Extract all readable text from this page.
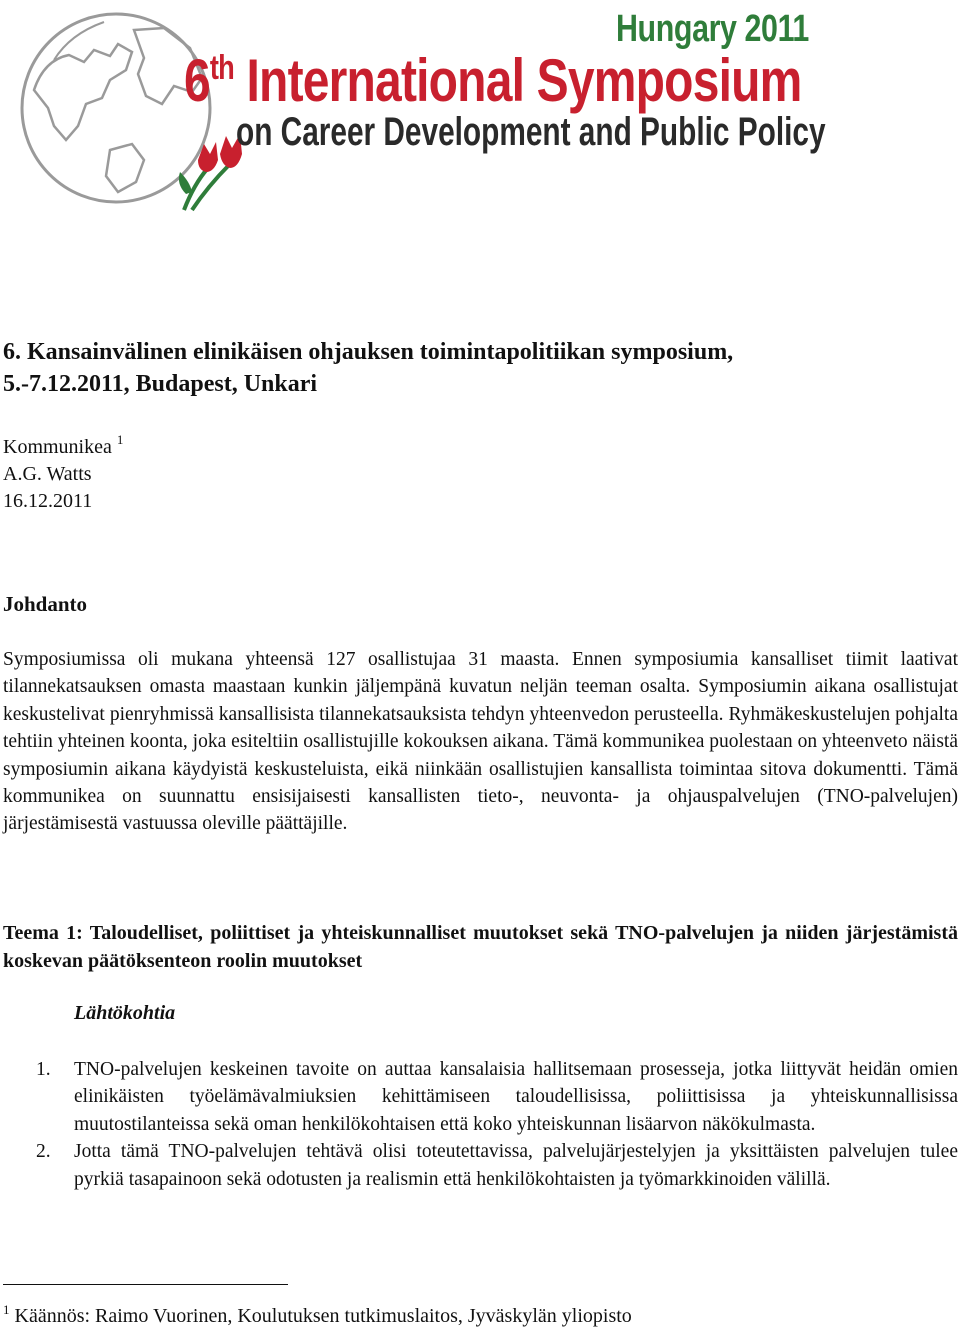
Hungary 2011
6th International Symposium
on Career Development and Public Policy
6. Kansainvälinen elinikäisen ohjauksen toimintapolitiikan symposium,
5.-7.12.2011, Budapest, Unkari
Kommunikea $^1$
A.G. Watts
16.12.2011
Johdanto
Symposiumissa oli mukana yhteensä 127 osallistujaa 31 maasta. Ennen symposiumia kansalliset tiimit laativat tilannekatsauksen omasta maastaan kunkin jäljempänä kuvatun neljän teeman osalta. Symposiumin aikana osallistujat keskustelivat pienryhmissä kansallisista tilannekatsauksista tehdyn yhteenvedon perusteella. Ryhmäkeskustelujen pohjalta tehtiin yhteinen koonta, joka esiteltiin osallistujille kokouksen aikana. Tämä kommunikea puolestaan on yhteenveto näistä symposiumin aikana käydyistä keskusteluista, eikä niinkään osallistujien kansallista toimintaa sitova dokumentti. Tämä kommunikea on suunnattu ensisijaisesti kansallisten tieto-, neuvonta- ja ohjauspalvelujen (TNO-palvelujen) järjestämisestä vastuussa oleville päättäjille.
Teema 1: Taloudelliset, poliittiset ja yhteiskunnalliset muutokset sekä TNO-palvelujen ja niiden järjestämistä koskevan päätöksenteon roolin muutokset
Lähtökohtia
1. TNO-palvelujen keskeinen tavoite on auttaa kansalaisia hallitsemaan prosesseja, jotka liittyvät heidän omien elinikäisten työelämävalmiuksien kehittämiseen taloudellisissa, poliittisissa ja yhteiskunnallisissa muutostilanteissa sekä oman henkilökohtaisen että koko yhteiskunnan lisäarvon näkökulmasta.
2. Jotta tämä TNO-palvelujen tehtävä olisi toteutettavissa, palvelujärjestelyjen ja yksittäisten palvelujen tulee pyrkiä tasapainoon sekä odotusten ja realismin että henkilökohtaisten ja työmarkkinoiden välillä.
$^1$ Käännös: Raimo Vuorinen, Koulutuksen tutkimuslaitos, Jyväskylän yliopisto
